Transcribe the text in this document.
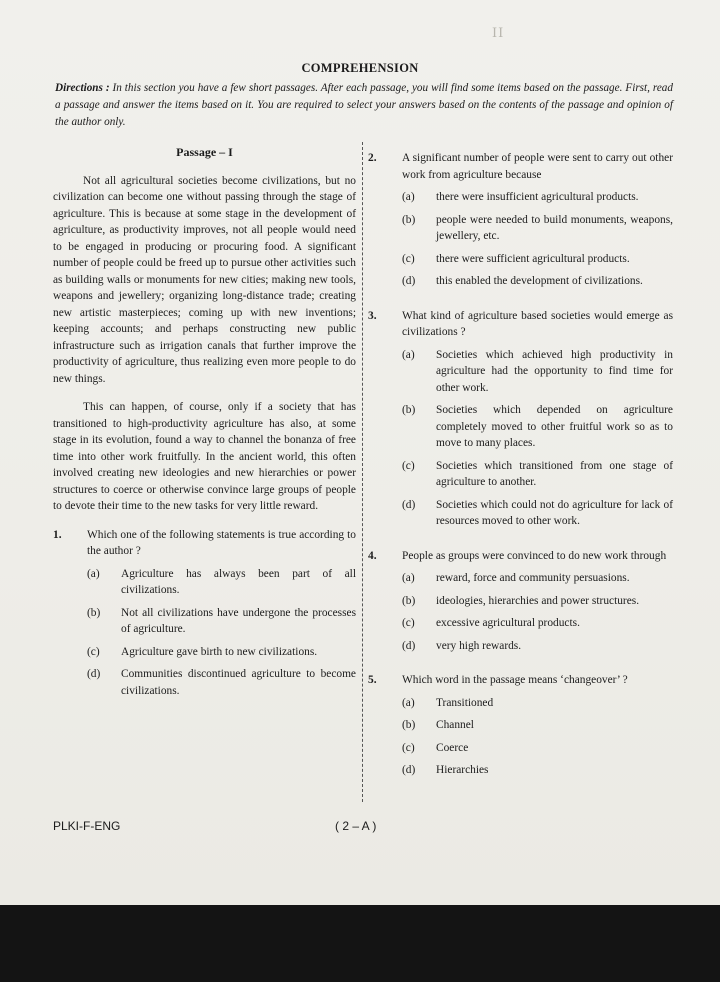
II
COMPREHENSION
Directions : In this section you have a few short passages. After each passage, you will find some items based on the passage. First, read a passage and answer the items based on it. You are required to select your answers based on the contents of the passage and opinion of the author only.
Passage – I

Not all agricultural societies become civilizations, but no civilization can become one without passing through the stage of agriculture. This is because at some stage in the development of agriculture, as productivity improves, not all people would need to be engaged in producing or procuring food. A significant number of people could be freed up to pursue other activities such as building walls or monuments for new cities; making new tools, weapons and jewellery; organizing long-distance trade; creating new artistic masterpieces; coming up with new inventions; keeping accounts; and perhaps constructing new public infrastructure such as irrigation canals that further improve the productivity of agriculture, thus realizing even more people to do new things.

This can happen, of course, only if a society that has transitioned to high-productivity agriculture has also, at some stage in its evolution, found a way to channel the bonanza of free time into other work fruitfully. In the ancient world, this often involved creating new ideologies and new hierarchies or power structures to coerce or otherwise convince large groups of people to devote their time to the new tasks for very little reward.

1.	Which one of the following statements is true according to the author ?
(a)	Agriculture has always been part of all civilizations.
(b)	Not all civilizations have undergone the processes of agriculture.
(c)	Agriculture gave birth to new civilizations.
(d)	Communities discontinued agriculture to become civilizations.
2.	A significant number of people were sent to carry out other work from agriculture because
(a)	there were insufficient agricultural products.
(b)	people were needed to build monuments, weapons, jewellery, etc.
(c)	there were sufficient agricultural products.
(d)	this enabled the development of civilizations.
3.	What kind of agriculture based societies would emerge as civilizations ?
(a)	Societies which achieved high productivity in agriculture had the opportunity to find time for other work.
(b)	Societies which depended on agriculture completely moved to other fruitful work so as to move to many places.
(c)	Societies which transitioned from one stage of agriculture to another.
(d)	Societies which could not do agriculture for lack of resources moved to other work.
4.	People as groups were convinced to do new work through
(a)	reward, force and community persuasions.
(b)	ideologies, hierarchies and power structures.
(c)	excessive agricultural products.
(d)	very high rewards.
5.	Which word in the passage means ‘changeover’ ?
(a)	Transitioned
(b)	Channel
(c)	Coerce
(d)	Hierarchies
PLKI-F-ENG	( 2 – A )
